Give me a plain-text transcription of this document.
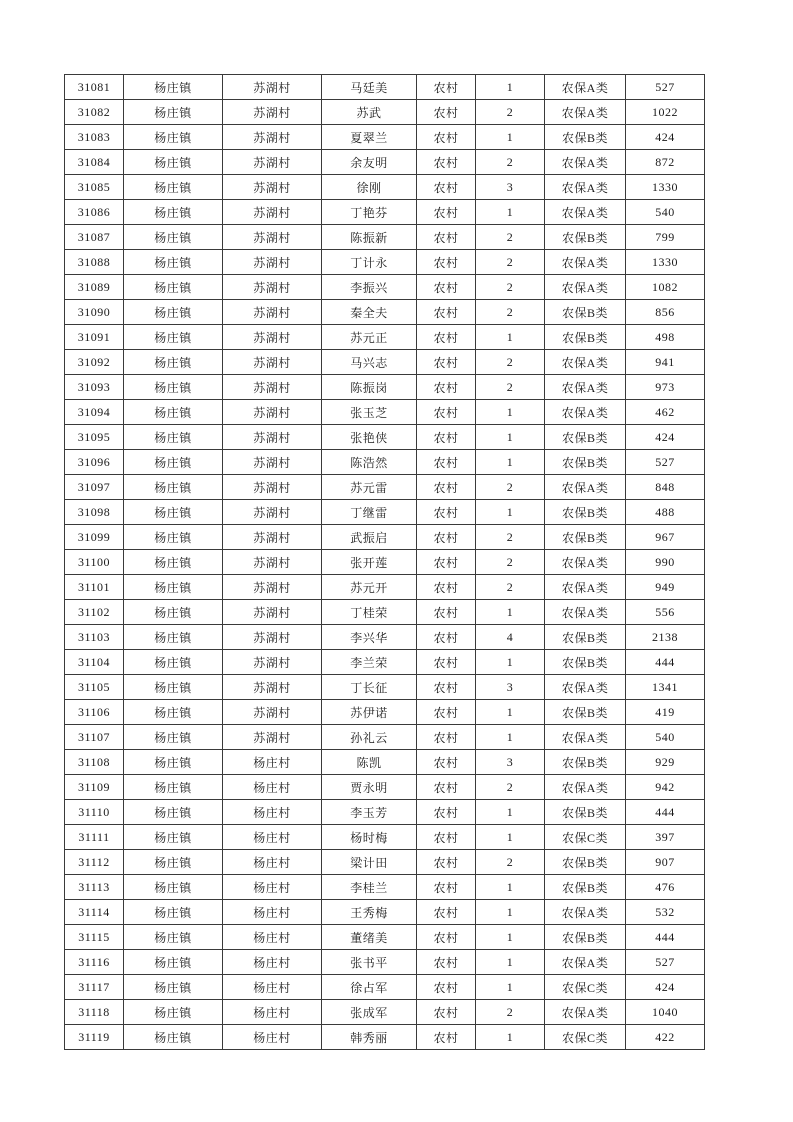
31081	杨庄镇	苏湖村	马廷美	农村	1	农保A类	527
31082	杨庄镇	苏湖村	苏武	农村	2	农保A类	1022
31083	杨庄镇	苏湖村	夏翠兰	农村	1	农保B类	424
31084	杨庄镇	苏湖村	余友明	农村	2	农保A类	872
31085	杨庄镇	苏湖村	徐刚	农村	3	农保A类	1330
31086	杨庄镇	苏湖村	丁艳芬	农村	1	农保A类	540
31087	杨庄镇	苏湖村	陈振新	农村	2	农保B类	799
31088	杨庄镇	苏湖村	丁计永	农村	2	农保A类	1330
31089	杨庄镇	苏湖村	李振兴	农村	2	农保A类	1082
31090	杨庄镇	苏湖村	秦全夫	农村	2	农保B类	856
31091	杨庄镇	苏湖村	苏元正	农村	1	农保B类	498
31092	杨庄镇	苏湖村	马兴志	农村	2	农保A类	941
31093	杨庄镇	苏湖村	陈振岗	农村	2	农保A类	973
31094	杨庄镇	苏湖村	张玉芝	农村	1	农保A类	462
31095	杨庄镇	苏湖村	张艳侠	农村	1	农保B类	424
31096	杨庄镇	苏湖村	陈浩然	农村	1	农保B类	527
31097	杨庄镇	苏湖村	苏元雷	农村	2	农保A类	848
31098	杨庄镇	苏湖村	丁继雷	农村	1	农保B类	488
31099	杨庄镇	苏湖村	武振启	农村	2	农保B类	967
31100	杨庄镇	苏湖村	张开莲	农村	2	农保A类	990
31101	杨庄镇	苏湖村	苏元开	农村	2	农保A类	949
31102	杨庄镇	苏湖村	丁桂荣	农村	1	农保A类	556
31103	杨庄镇	苏湖村	李兴华	农村	4	农保B类	2138
31104	杨庄镇	苏湖村	李兰荣	农村	1	农保B类	444
31105	杨庄镇	苏湖村	丁长征	农村	3	农保A类	1341
31106	杨庄镇	苏湖村	苏伊诺	农村	1	农保B类	419
31107	杨庄镇	苏湖村	孙礼云	农村	1	农保A类	540
31108	杨庄镇	杨庄村	陈凯	农村	3	农保B类	929
31109	杨庄镇	杨庄村	贾永明	农村	2	农保A类	942
31110	杨庄镇	杨庄村	李玉芳	农村	1	农保B类	444
31111	杨庄镇	杨庄村	杨时梅	农村	1	农保C类	397
31112	杨庄镇	杨庄村	梁计田	农村	2	农保B类	907
31113	杨庄镇	杨庄村	李桂兰	农村	1	农保B类	476
31114	杨庄镇	杨庄村	王秀梅	农村	1	农保A类	532
31115	杨庄镇	杨庄村	董绪美	农村	1	农保B类	444
31116	杨庄镇	杨庄村	张书平	农村	1	农保A类	527
31117	杨庄镇	杨庄村	徐占军	农村	1	农保C类	424
31118	杨庄镇	杨庄村	张成军	农村	2	农保A类	1040
31119	杨庄镇	杨庄村	韩秀丽	农村	1	农保C类	422
